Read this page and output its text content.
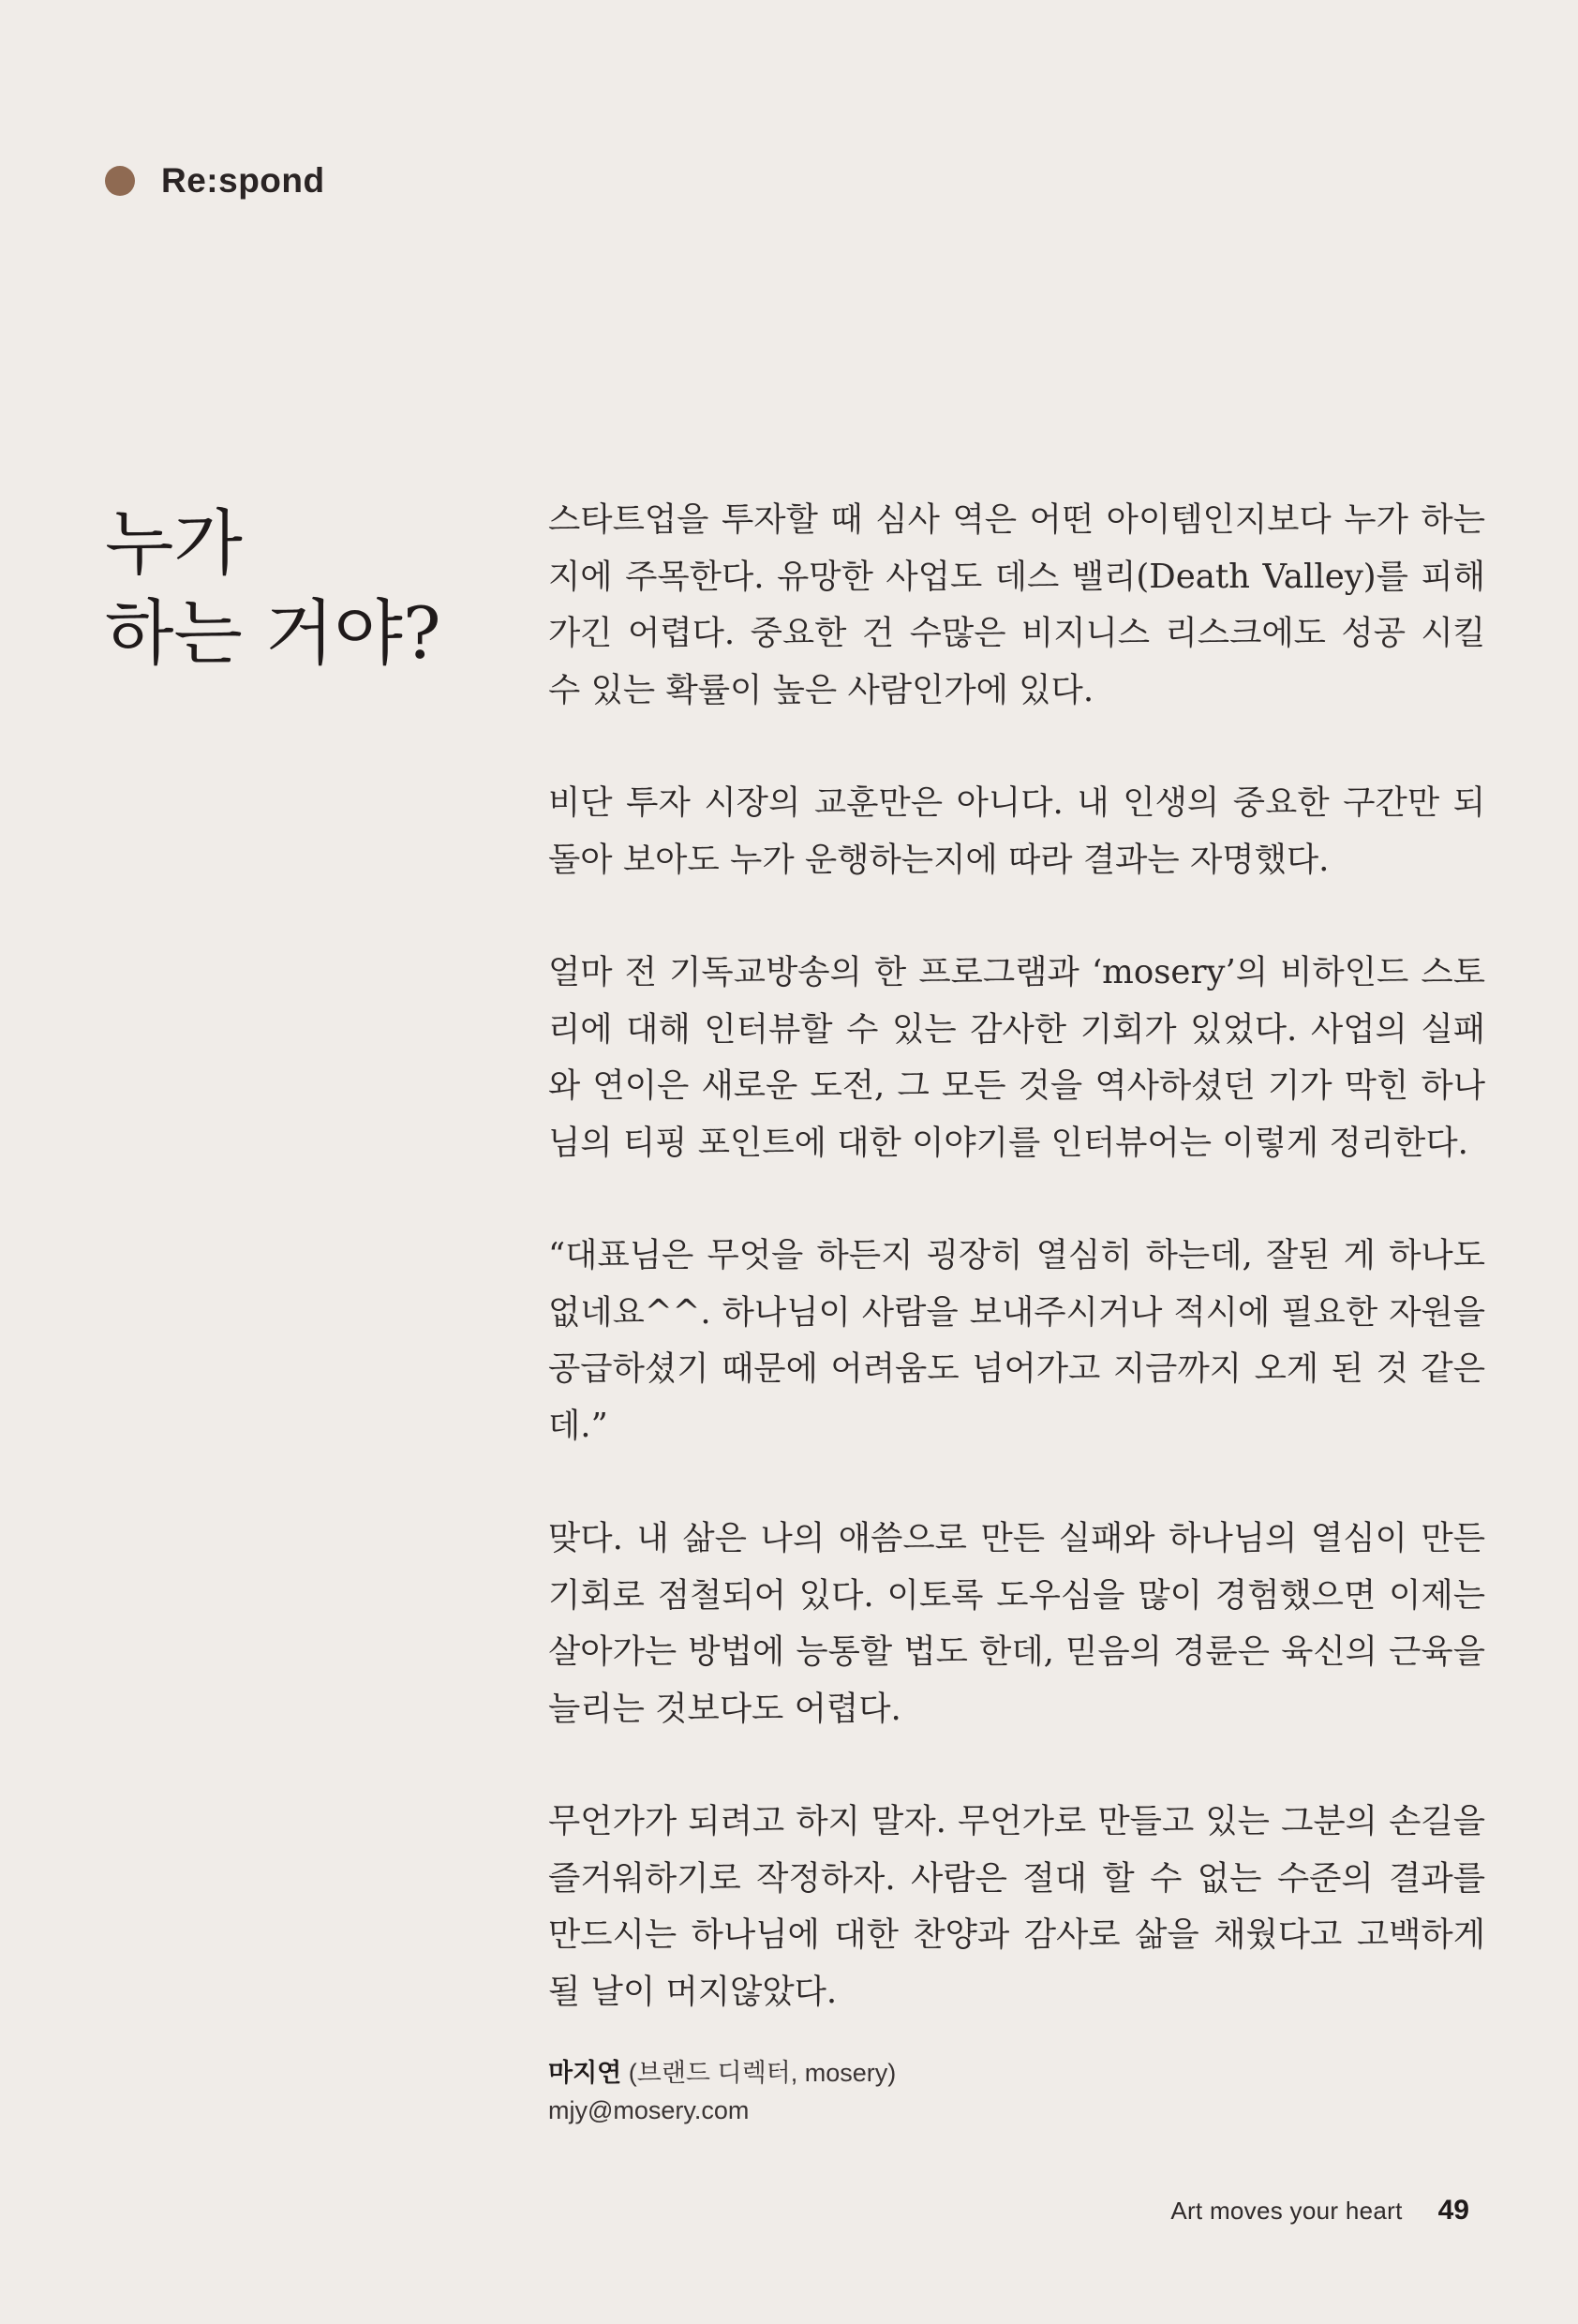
Re:spond
누가
하는 거야?

스타트업을 투자할 때 심사 역은 어떤 아이템인지보다 누가 하는지에 주목한다. 유망한 사업도 데스 밸리(Death Valley)를 피해 가긴 어렵다. 중요한 건 수많은 비지니스 리스크에도 성공 시킬 수 있는 확률이 높은 사람인가에 있다.

비단 투자 시장의 교훈만은 아니다. 내 인생의 중요한 구간만 되돌아 보아도 누가 운행하는지에 따라 결과는 자명했다.

얼마 전 기독교방송의 한 프로그램과 ‘mosery’의 비하인드 스토리에 대해 인터뷰할 수 있는 감사한 기회가 있었다. 사업의 실패와 연이은 새로운 도전, 그 모든 것을 역사하셨던 기가 막힌 하나님의 티핑 포인트에 대한 이야기를 인터뷰어는 이렇게 정리한다.

“대표님은 무엇을 하든지 굉장히 열심히 하는데, 잘된 게 하나도 없네요^^. 하나님이 사람을 보내주시거나 적시에 필요한 자원을 공급하셨기 때문에 어려움도 넘어가고 지금까지 오게 된 것 같은데.”

맞다. 내 삶은 나의 애씀으로 만든 실패와 하나님의 열심이 만든 기회로 점철되어 있다. 이토록 도우심을 많이 경험했으면 이제는 살아가는 방법에 능통할 법도 한데, 믿음의 경륜은 육신의 근육을 늘리는 것보다도 어렵다.

무언가가 되려고 하지 말자. 무언가로 만들고 있는 그분의 손길을 즐거워하기로 작정하자. 사람은 절대 할 수 없는 수준의 결과를 만드시는 하나님에 대한 찬양과 감사로 삶을 채웠다고 고백하게 될 날이 머지않았다.

마지연 (브랜드 디렉터, mosery)
mjy@mosery.com
Art moves your heart 49
